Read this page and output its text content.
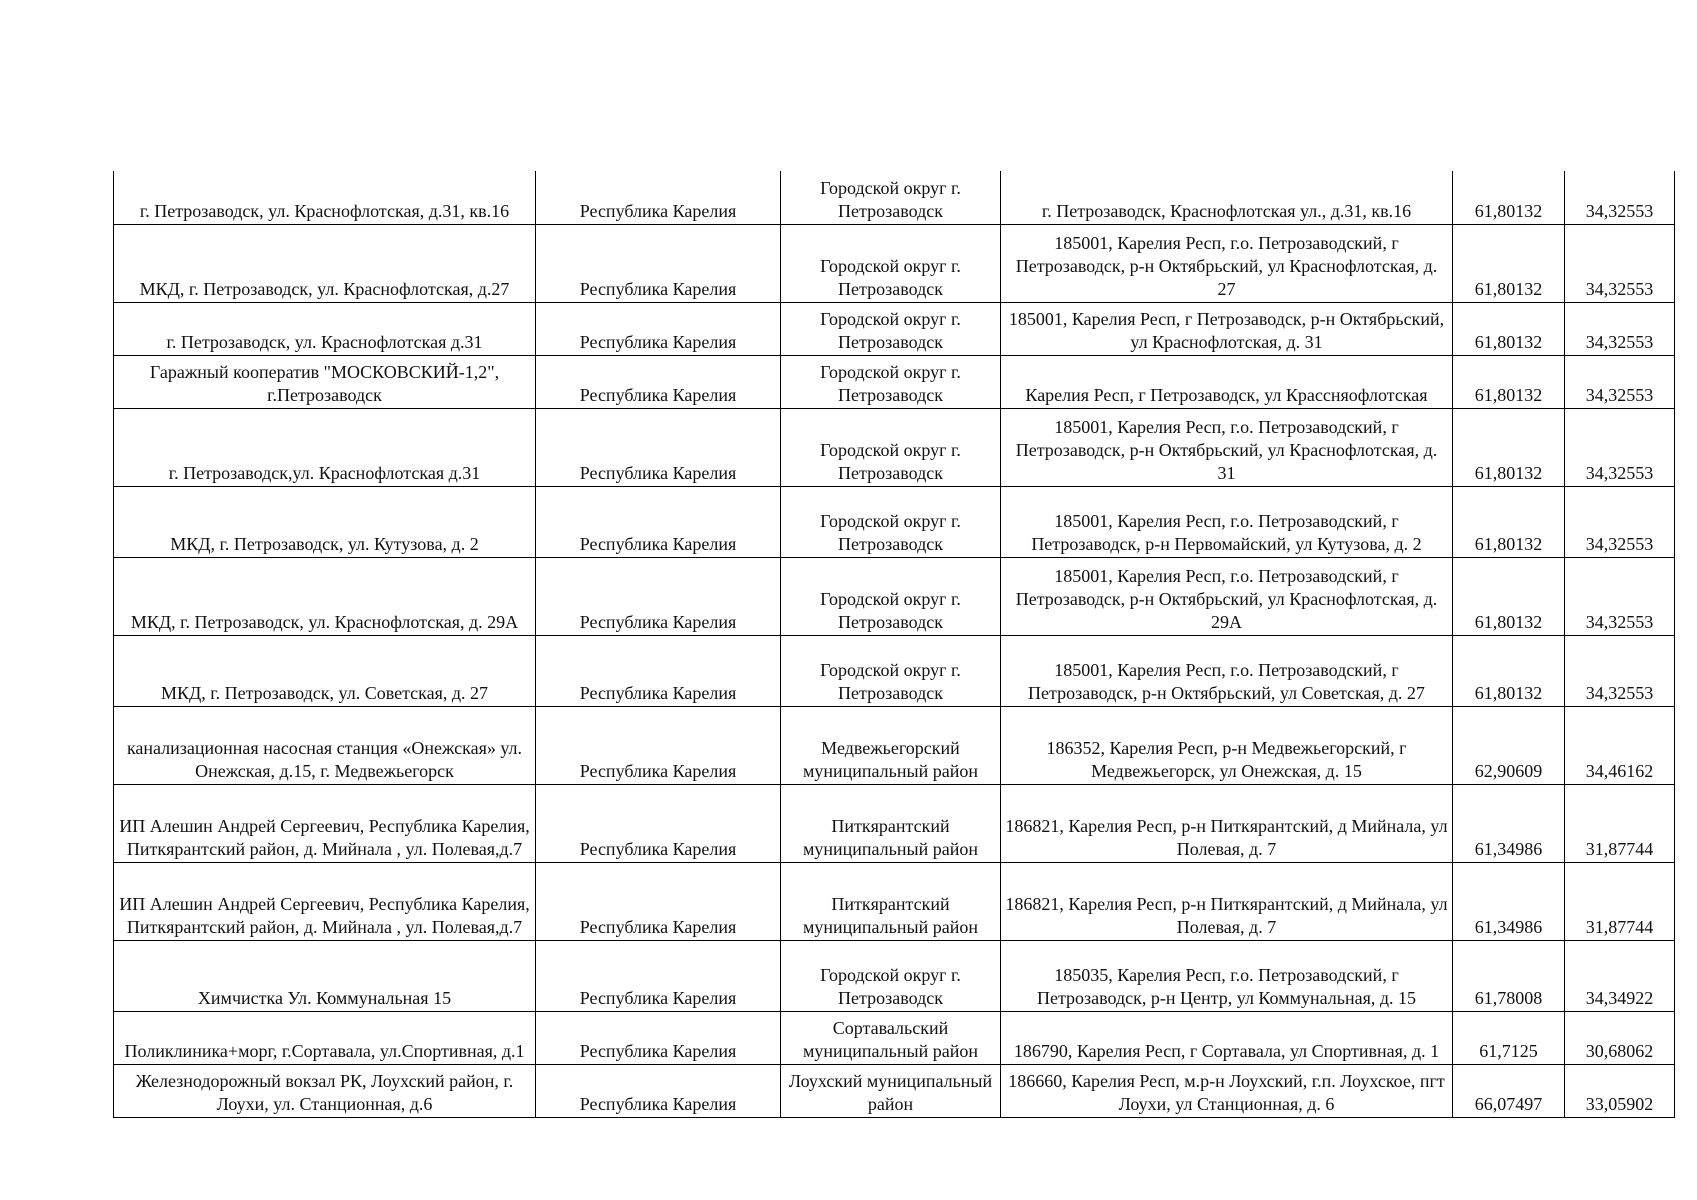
г. Петрозаводск, ул. Краснофлотская, д.31, кв.16	Республика Карелия	Городской округ г. Петрозаводск	г. Петрозаводск, Краснофлотская ул., д.31, кв.16	61,80132	34,32553
МКД, г. Петрозаводск, ул. Краснофлотская, д.27	Республика Карелия	Городской округ г. Петрозаводск	185001, Карелия Респ, г.о. Петрозаводский, г Петрозаводск, р-н Октябрьский, ул Краснофлотская, д. 27	61,80132	34,32553
г. Петрозаводск, ул. Краснофлотская д.31	Республика Карелия	Городской округ г. Петрозаводск	185001, Карелия Респ, г Петрозаводск, р-н Октябрьский, ул Краснофлотская, д. 31	61,80132	34,32553
Гаражный кооператив "МОСКОВСКИЙ-1,2", г.Петрозаводск	Республика Карелия	Городской округ г. Петрозаводск	Карелия Респ, г Петрозаводск, ул Крассняофлотская	61,80132	34,32553
г. Петрозаводск,ул. Краснофлотская д.31	Республика Карелия	Городской округ г. Петрозаводск	185001, Карелия Респ, г.о. Петрозаводский, г Петрозаводск, р-н Октябрьский, ул Краснофлотская, д. 31	61,80132	34,32553
МКД, г. Петрозаводск, ул. Кутузова, д. 2	Республика Карелия	Городской округ г. Петрозаводск	185001, Карелия Респ, г.о. Петрозаводский, г Петрозаводск, р-н Первомайский, ул Кутузова, д. 2	61,80132	34,32553
МКД, г. Петрозаводск, ул. Краснофлотская, д. 29А	Республика Карелия	Городской округ г. Петрозаводск	185001, Карелия Респ, г.о. Петрозаводский, г Петрозаводск, р-н Октябрьский, ул Краснофлотская, д. 29А	61,80132	34,32553
МКД, г. Петрозаводск, ул. Советская, д. 27	Республика Карелия	Городской округ г. Петрозаводск	185001, Карелия Респ, г.о. Петрозаводский, г Петрозаводск, р-н Октябрьский, ул Советская, д. 27	61,80132	34,32553
канализационная насосная станция «Онежская» ул. Онежская, д.15, г. Медвежьегорск	Республика Карелия	Медвежьегорский муниципальный район	186352, Карелия Респ, р-н Медвежьегорский, г Медвежьегорск, ул Онежская, д. 15	62,90609	34,46162
ИП Алешин Андрей Сергеевич, Республика Карелия, Питкярантский район, д. Мийнала , ул. Полевая,д.7	Республика Карелия	Питкярантский муниципальный район	186821, Карелия Респ, р-н Питкярантский, д Мийнала, ул Полевая, д. 7	61,34986	31,87744
ИП Алешин Андрей Сергеевич, Республика Карелия, Питкярантский район, д. Мийнала , ул. Полевая,д.7	Республика Карелия	Питкярантский муниципальный район	186821, Карелия Респ, р-н Питкярантский, д Мийнала, ул Полевая, д. 7	61,34986	31,87744
Химчистка Ул. Коммунальная 15	Республика Карелия	Городской округ г. Петрозаводск	185035, Карелия Респ, г.о. Петрозаводский, г Петрозаводск, р-н Центр, ул Коммунальная, д. 15	61,78008	34,34922
Поликлиника+морг, г.Сортавала, ул.Спортивная, д.1	Республика Карелия	Сортавальский муниципальный район	186790, Карелия Респ, г Сортавала, ул Спортивная, д. 1	61,7125	30,68062
Железнодорожный вокзал РК, Лоухский район, г. Лоухи, ул. Станционная, д.6	Республика Карелия	Лоухский муниципальный район	186660, Карелия Респ, м.р-н Лоухский, г.п. Лоухское, пгт Лоухи, ул Станционная, д. 6	66,07497	33,05902
